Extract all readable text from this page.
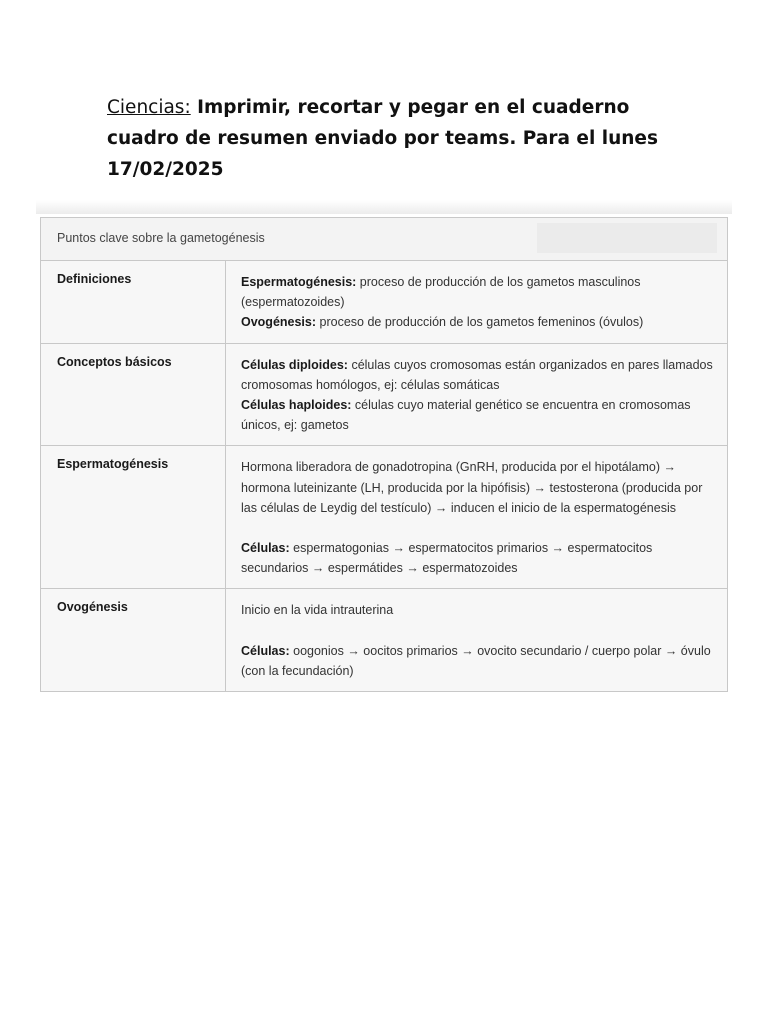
Ciencias: Imprimir, recortar y pegar en el cuaderno cuadro de resumen enviado por teams. Para el lunes 17/02/2025
Puntos clave sobre la gametogénesis
Definiciones	Espermatogénesis: proceso de producción de los gametos masculinos (espermatozoides)

Ovogénesis: proceso de producción de los gametos femeninos (óvulos)

Conceptos básicos	Células diploides: células cuyos cromosomas están organizados en pares llamados cromosomas homólogos, ej: células somáticas

Células haploides: células cuyo material genético se encuentra en cromosomas únicos, ej: gametos

Espermatogénesis	Hormona liberadora de gonadotropina (GnRH, producida por el hipotálamo) → hormona luteinizante (LH, producida por la hipófisis) → testosterona (producida por las células de Leydig del testículo) → inducen el inicio de la espermatogénesis

Células: espermatogonias → espermatocitos primarios → espermatocitos secundarios → espermátides → espermatozoides

Ovogénesis	Inicio en la vida intrauterina

Células: oogonios → oocitos primarios → ovocito secundario / cuerpo polar → óvulo (con la fecundación)
